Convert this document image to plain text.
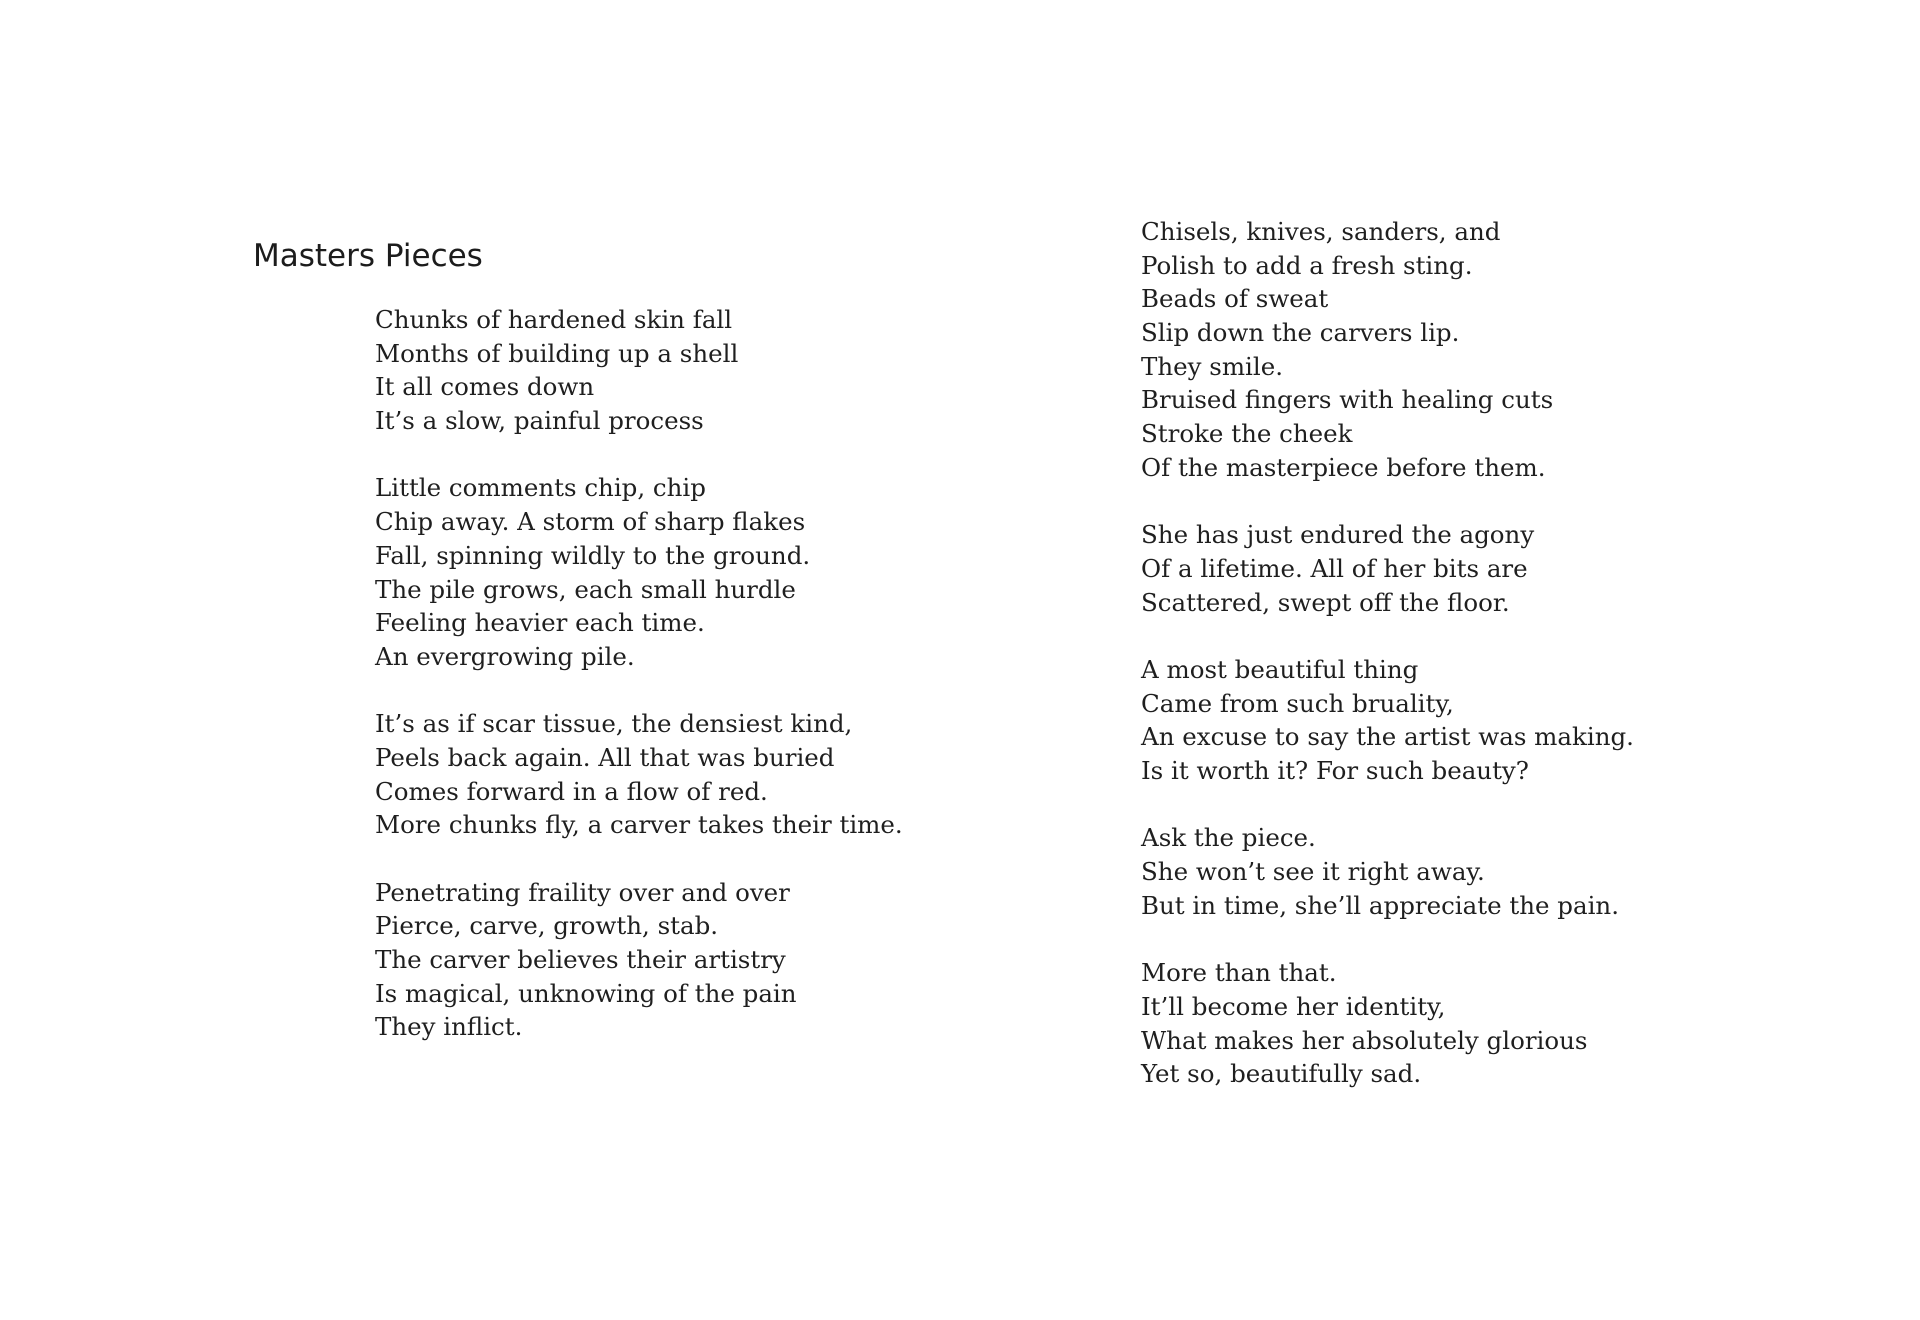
Masters Pieces
Chunks of hardened skin fall
Months of building up a shell
It all comes down
It’s a slow, painful process
Little comments chip, chip
Chip away. A storm of sharp flakes
Fall, spinning wildly to the ground.
The pile grows, each small hurdle
Feeling heavier each time.
An evergrowing pile.
It’s as if scar tissue, the densiest kind,
Peels back again. All that was buried
Comes forward in a flow of red.
More chunks fly, a carver takes their time.
Penetrating fraility over and over
Pierce, carve, growth, stab.
The carver believes their artistry
Is magical, unknowing of the pain
They inflict.
Chisels, knives, sanders, and
Polish to add a fresh sting.
Beads of sweat
Slip down the carvers lip.
They smile.
Bruised fingers with healing cuts
Stroke the cheek
Of the masterpiece before them.
She has just endured the agony
Of a lifetime. All of her bits are
Scattered, swept off the floor.
A most beautiful thing
Came from such bruality,
An excuse to say the artist was making.
Is it worth it? For such beauty?
Ask the piece.
She won’t see it right away.
But in time, she’ll appreciate the pain.
More than that.
It’ll become her identity,
What makes her absolutely glorious
Yet so, beautifully sad.
